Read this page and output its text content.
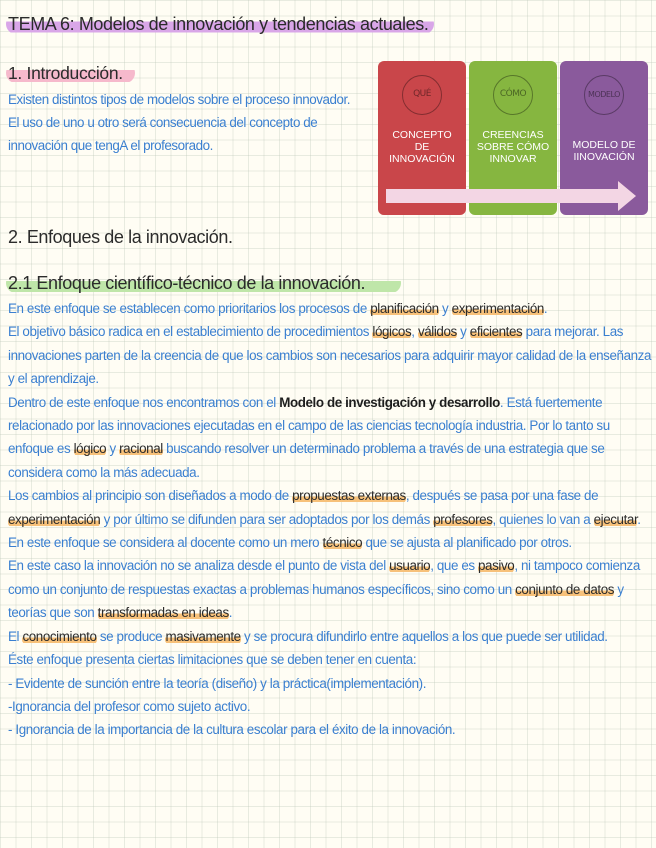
TEMA 6: Modelos de innovación y tendencias actuales.
1. Introducción.
Existen distintos tipos de modelos sobre el proceso innovador. El uso de uno u otro será consecuencia del concepto de innovación que tengA el profesorado.
QUÉ
CONCEPTO
DE
INNOVACIÓN
CÓMO
CREENCIAS
SOBRE CÓMO
INNOVAR
MODELO
MODELO DE
IINOVACIÓN
2. Enfoques de la innovación.
2.1 Enfoque científico-técnico de la innovación.

En este enfoque se establecen como prioritarios los procesos de planificación y experimentación.

El objetivo básico radica en el establecimiento de procedimientos lógicos, válidos y eficientes para mejorar. Las innovaciones parten de la creencia de que los cambios son necesarios para adquirir mayor calidad de la enseñanza y el aprendizaje.

Dentro de este enfoque nos encontramos con el Modelo de investigación y desarrollo. Está fuertemente relacionado por las innovaciones ejecutadas en el campo de las ciencias tecnología industria. Por lo tanto su enfoque es lógico y racional buscando resolver un determinado problema a través de una estrategia que se considera como la más adecuada.

Los cambios al principio son diseñados a modo de propuestas externas, después se pasa por una fase de experimentación y por último se difunden para ser adoptados por los demás profesores, quienes lo van a ejecutar. En este enfoque se considera al docente como un mero técnico que se ajusta al planificado por otros.

En este caso la innovación no se analiza desde el punto de vista del usuario, que es pasivo, ni tampoco comienza como un conjunto de respuestas exactas a problemas humanos específicos, sino como un conjunto de datos y teorías que son transformadas en ideas.

El conocimiento se produce masivamente y se procura difundirlo entre aquellos a los que puede ser utilidad.

Éste enfoque presenta ciertas limitaciones que se deben tener en cuenta:

- Evidente de sunción entre la teoría (diseño) y la práctica(implementación).

-Ignorancia del profesor como sujeto activo.

- Ignorancia de la importancia de la cultura escolar para el éxito de la innovación.
